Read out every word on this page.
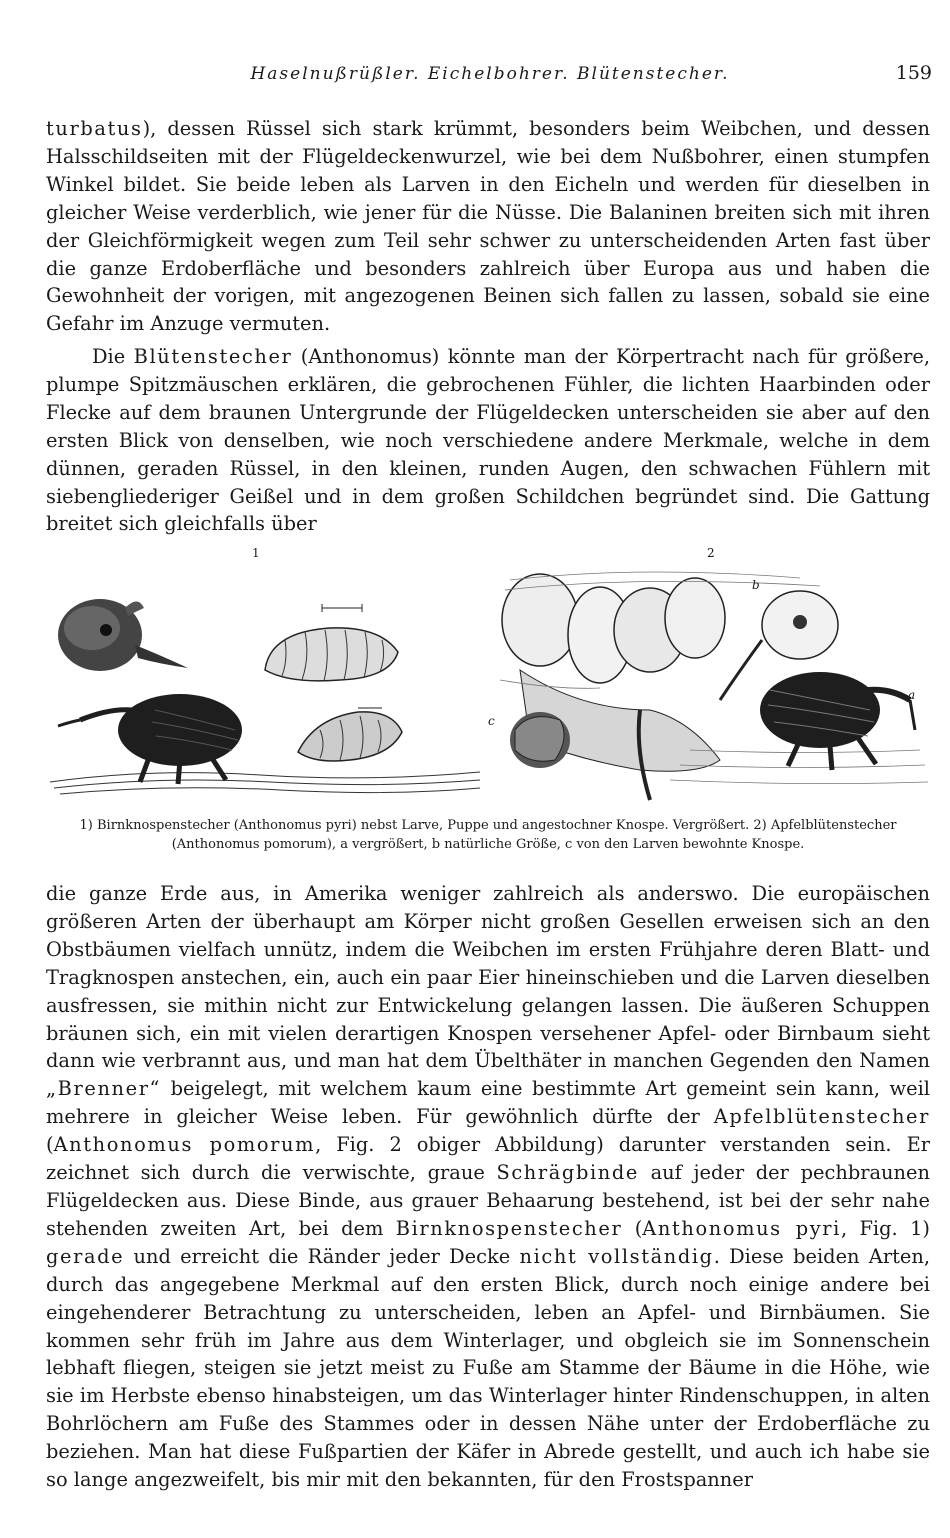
Haselnußrüßler. Eichelbohrer. Blütenstecher.	159

turbatus), dessen Rüssel sich stark krümmt, besonders beim Weibchen, und dessen Halsschildseiten mit der Flügeldeckenwurzel, wie bei dem Nußbohrer, einen stumpfen Winkel bildet. Sie beide leben als Larven in den Eicheln und werden für dieselben in gleicher Weise verderblich, wie jener für die Nüsse. Die Balaninen breiten sich mit ihren der Gleichförmigkeit wegen zum Teil sehr schwer zu unterscheidenden Arten fast über die ganze Erdoberfläche und besonders zahlreich über Europa aus und haben die Gewohnheit der vorigen, mit angezogenen Beinen sich fallen zu lassen, sobald sie eine Gefahr im Anzuge vermuten.

Die Blütenstecher (Anthonomus) könnte man der Körpertracht nach für größere, plumpe Spitzmäuschen erklären, die gebrochenen Fühler, die lichten Haarbinden oder Flecke auf dem braunen Untergrunde der Flügeldecken unterscheiden sie aber auf den ersten Blick von denselben, wie noch verschiedene andere Merkmale, welche in dem dünnen, geraden Rüssel, in den kleinen, runden Augen, den schwachen Fühlern mit siebengliederiger Geißel und in dem großen Schildchen begründet sind. Die Gattung breitet sich gleichfalls über

1	2
a
b
c
1) Birnknospenstecher (Anthonomus pyri) nebst Larve, Puppe und angestochner Knospe. Vergrößert. 2) Apfelblütenstecher (Anthonomus pomorum), a vergrößert, b natürliche Größe, c von den Larven bewohnte Knospe.

die ganze Erde aus, in Amerika weniger zahlreich als anderswo. Die europäischen größeren Arten der überhaupt am Körper nicht großen Gesellen erweisen sich an den Obstbäumen vielfach unnütz, indem die Weibchen im ersten Frühjahre deren Blatt- und Tragknospen anstechen, ein, auch ein paar Eier hineinschieben und die Larven dieselben ausfressen, sie mithin nicht zur Entwickelung gelangen lassen. Die äußeren Schuppen bräunen sich, ein mit vielen derartigen Knospen versehener Apfel- oder Birnbaum sieht dann wie verbrannt aus, und man hat dem Übelthäter in manchen Gegenden den Namen „Brenner“ beigelegt, mit welchem kaum eine bestimmte Art gemeint sein kann, weil mehrere in gleicher Weise leben. Für gewöhnlich dürfte der Apfelblütenstecher (Anthonomus pomorum, Fig. 2 obiger Abbildung) darunter verstanden sein. Er zeichnet sich durch die verwischte, graue Schrägbinde auf jeder der pechbraunen Flügeldecken aus. Diese Binde, aus grauer Behaarung bestehend, ist bei der sehr nahe stehenden zweiten Art, bei dem Birnknospenstecher (Anthonomus pyri, Fig. 1) gerade und erreicht die Ränder jeder Decke nicht vollständig. Diese beiden Arten, durch das angegebene Merkmal auf den ersten Blick, durch noch einige andere bei eingehenderer Betrachtung zu unterscheiden, leben an Apfel- und Birnbäumen. Sie kommen sehr früh im Jahre aus dem Winterlager, und obgleich sie im Sonnenschein lebhaft fliegen, steigen sie jetzt meist zu Fuße am Stamme der Bäume in die Höhe, wie sie im Herbste ebenso hinabsteigen, um das Winterlager hinter Rindenschuppen, in alten Bohrlöchern am Fuße des Stammes oder in dessen Nähe unter der Erdoberfläche zu beziehen. Man hat diese Fußpartien der Käfer in Abrede gestellt, und auch ich habe sie so lange angezweifelt, bis mir mit den bekannten, für den Frostspanner
